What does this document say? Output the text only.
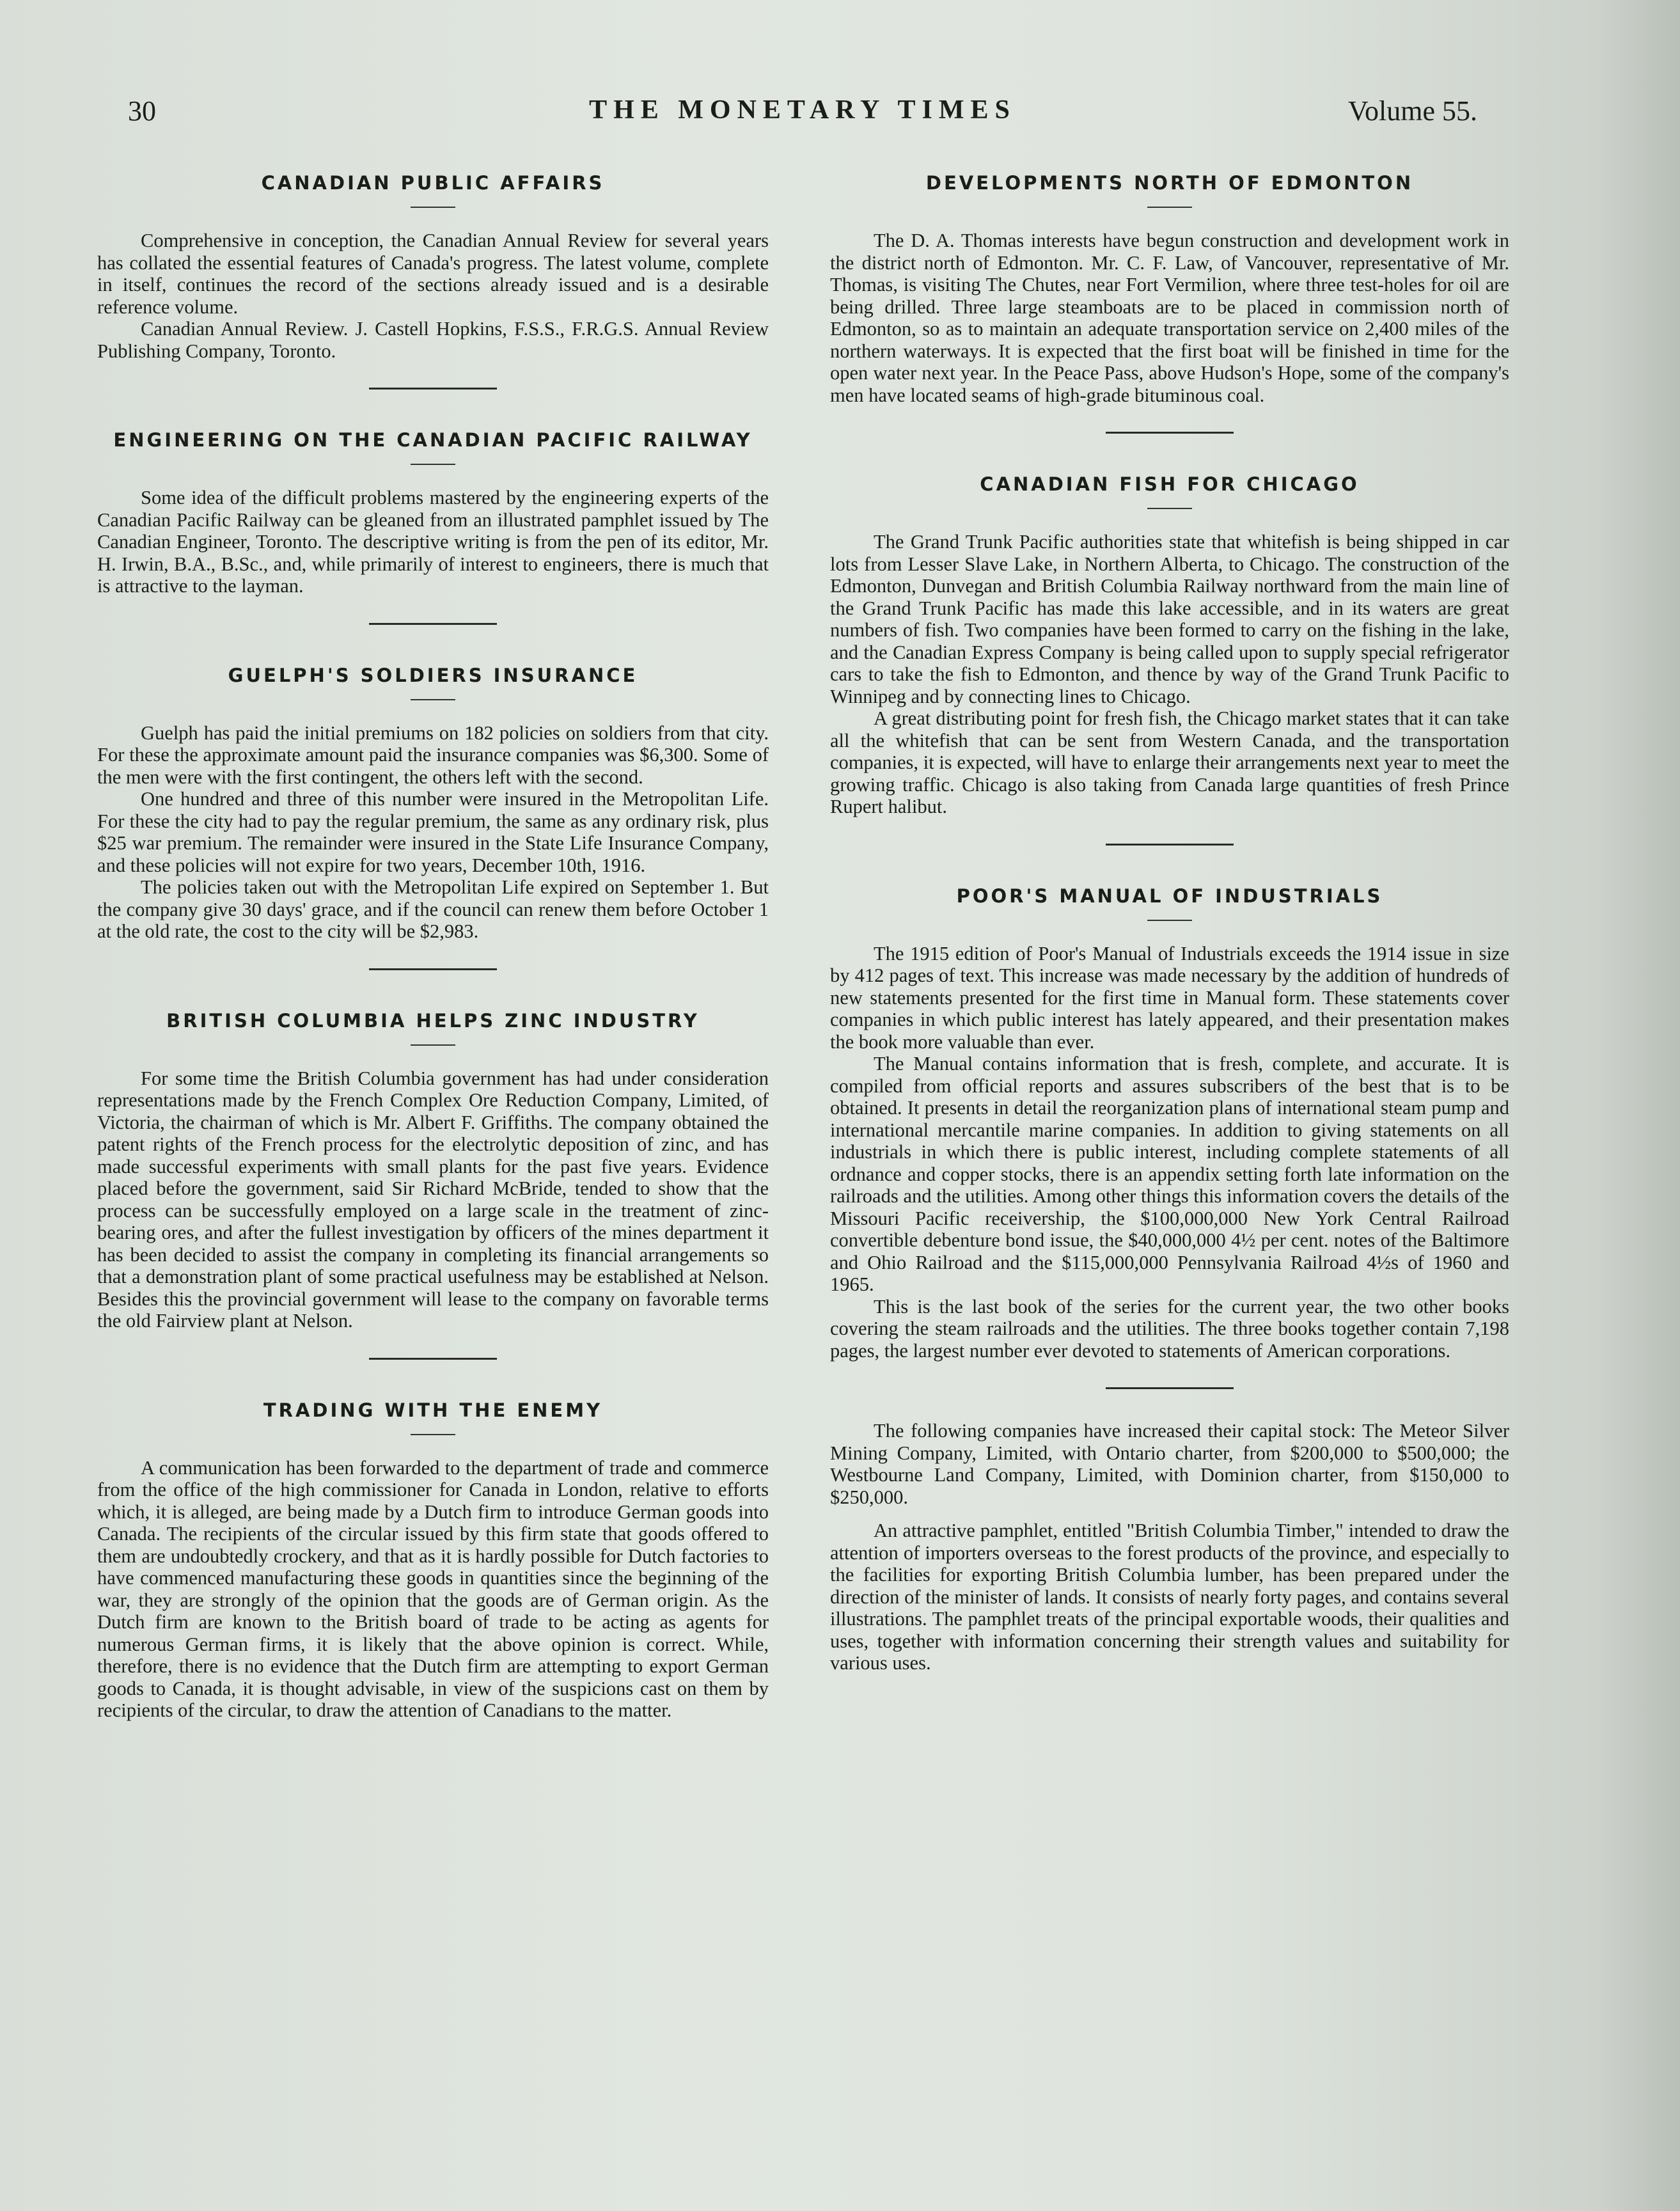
30	THE MONETARY TIMES	Volume 55.
CANADIAN PUBLIC AFFAIRS

Comprehensive in conception, the Canadian Annual Review for several years has collated the essential features of Canada's progress. The latest volume, complete in itself, continues the record of the sections already issued and is a desirable reference volume.

Canadian Annual Review. J. Castell Hopkins, F.S.S., F.R.G.S. Annual Review Publishing Company, Toronto.

ENGINEERING ON THE CANADIAN PACIFIC RAILWAY

Some idea of the difficult problems mastered by the engineering experts of the Canadian Pacific Railway can be gleaned from an illustrated pamphlet issued by The Canadian Engineer, Toronto. The descriptive writing is from the pen of its editor, Mr. H. Irwin, B.A., B.Sc., and, while primarily of interest to engineers, there is much that is attractive to the layman.

GUELPH'S SOLDIERS INSURANCE

Guelph has paid the initial premiums on 182 policies on soldiers from that city. For these the approximate amount paid the insurance companies was $6,300. Some of the men were with the first contingent, the others left with the second.

One hundred and three of this number were insured in the Metropolitan Life. For these the city had to pay the regular premium, the same as any ordinary risk, plus $25 war premium. The remainder were insured in the State Life Insurance Company, and these policies will not expire for two years, December 10th, 1916.

The policies taken out with the Metropolitan Life expired on September 1. But the company give 30 days' grace, and if the council can renew them before October 1 at the old rate, the cost to the city will be $2,983.

BRITISH COLUMBIA HELPS ZINC INDUSTRY

For some time the British Columbia government has had under consideration representations made by the French Complex Ore Reduction Company, Limited, of Victoria, the chairman of which is Mr. Albert F. Griffiths. The company obtained the patent rights of the French process for the electrolytic deposition of zinc, and has made successful experiments with small plants for the past five years. Evidence placed before the government, said Sir Richard McBride, tended to show that the process can be successfully employed on a large scale in the treatment of zinc-bearing ores, and after the fullest investigation by officers of the mines department it has been decided to assist the company in completing its financial arrangements so that a demonstration plant of some practical usefulness may be established at Nelson. Besides this the provincial government will lease to the company on favorable terms the old Fairview plant at Nelson.

TRADING WITH THE ENEMY

A communication has been forwarded to the department of trade and commerce from the office of the high commissioner for Canada in London, relative to efforts which, it is alleged, are being made by a Dutch firm to introduce German goods into Canada. The recipients of the circular issued by this firm state that goods offered to them are undoubtedly crockery, and that as it is hardly possible for Dutch factories to have commenced manufacturing these goods in quantities since the beginning of the war, they are strongly of the opinion that the goods are of German origin. As the Dutch firm are known to the British board of trade to be acting as agents for numerous German firms, it is likely that the above opinion is correct. While, therefore, there is no evidence that the Dutch firm are attempting to export German goods to Canada, it is thought advisable, in view of the suspicions cast on them by recipients of the circular, to draw the attention of Canadians to the matter.

DEVELOPMENTS NORTH OF EDMONTON

The D. A. Thomas interests have begun construction and development work in the district north of Edmonton. Mr. C. F. Law, of Vancouver, representative of Mr. Thomas, is visiting The Chutes, near Fort Vermilion, where three test-holes for oil are being drilled. Three large steamboats are to be placed in commission north of Edmonton, so as to maintain an adequate transportation service on 2,400 miles of the northern waterways. It is expected that the first boat will be finished in time for the open water next year. In the Peace Pass, above Hudson's Hope, some of the company's men have located seams of high-grade bituminous coal.

CANADIAN FISH FOR CHICAGO

The Grand Trunk Pacific authorities state that whitefish is being shipped in car lots from Lesser Slave Lake, in Northern Alberta, to Chicago. The construction of the Edmonton, Dunvegan and British Columbia Railway northward from the main line of the Grand Trunk Pacific has made this lake accessible, and in its waters are great numbers of fish. Two companies have been formed to carry on the fishing in the lake, and the Canadian Express Company is being called upon to supply special refrigerator cars to take the fish to Edmonton, and thence by way of the Grand Trunk Pacific to Winnipeg and by connecting lines to Chicago.

A great distributing point for fresh fish, the Chicago market states that it can take all the whitefish that can be sent from Western Canada, and the transportation companies, it is expected, will have to enlarge their arrangements next year to meet the growing traffic. Chicago is also taking from Canada large quantities of fresh Prince Rupert halibut.

POOR'S MANUAL OF INDUSTRIALS

The 1915 edition of Poor's Manual of Industrials exceeds the 1914 issue in size by 412 pages of text. This increase was made necessary by the addition of hundreds of new statements presented for the first time in Manual form. These statements cover companies in which public interest has lately appeared, and their presentation makes the book more valuable than ever.

The Manual contains information that is fresh, complete, and accurate. It is compiled from official reports and assures subscribers of the best that is to be obtained. It presents in detail the reorganization plans of international steam pump and international mercantile marine companies. In addition to giving statements on all industrials in which there is public interest, including complete statements of all ordnance and copper stocks, there is an appendix setting forth late information on the railroads and the utilities. Among other things this information covers the details of the Missouri Pacific receivership, the $100,000,000 New York Central Railroad convertible debenture bond issue, the $40,000,000 4½ per cent. notes of the Baltimore and Ohio Railroad and the $115,000,000 Pennsylvania Railroad 4½s of 1960 and 1965.

This is the last book of the series for the current year, the two other books covering the steam railroads and the utilities. The three books together contain 7,198 pages, the largest number ever devoted to statements of American corporations.

The following companies have increased their capital stock: The Meteor Silver Mining Company, Limited, with Ontario charter, from $200,000 to $500,000; the Westbourne Land Company, Limited, with Dominion charter, from $150,000 to $250,000.

An attractive pamphlet, entitled "British Columbia Timber," intended to draw the attention of importers overseas to the forest products of the province, and especially to the facilities for exporting British Columbia lumber, has been prepared under the direction of the minister of lands. It consists of nearly forty pages, and contains several illustrations. The pamphlet treats of the principal exportable woods, their qualities and uses, together with information concerning their strength values and suitability for various uses.
